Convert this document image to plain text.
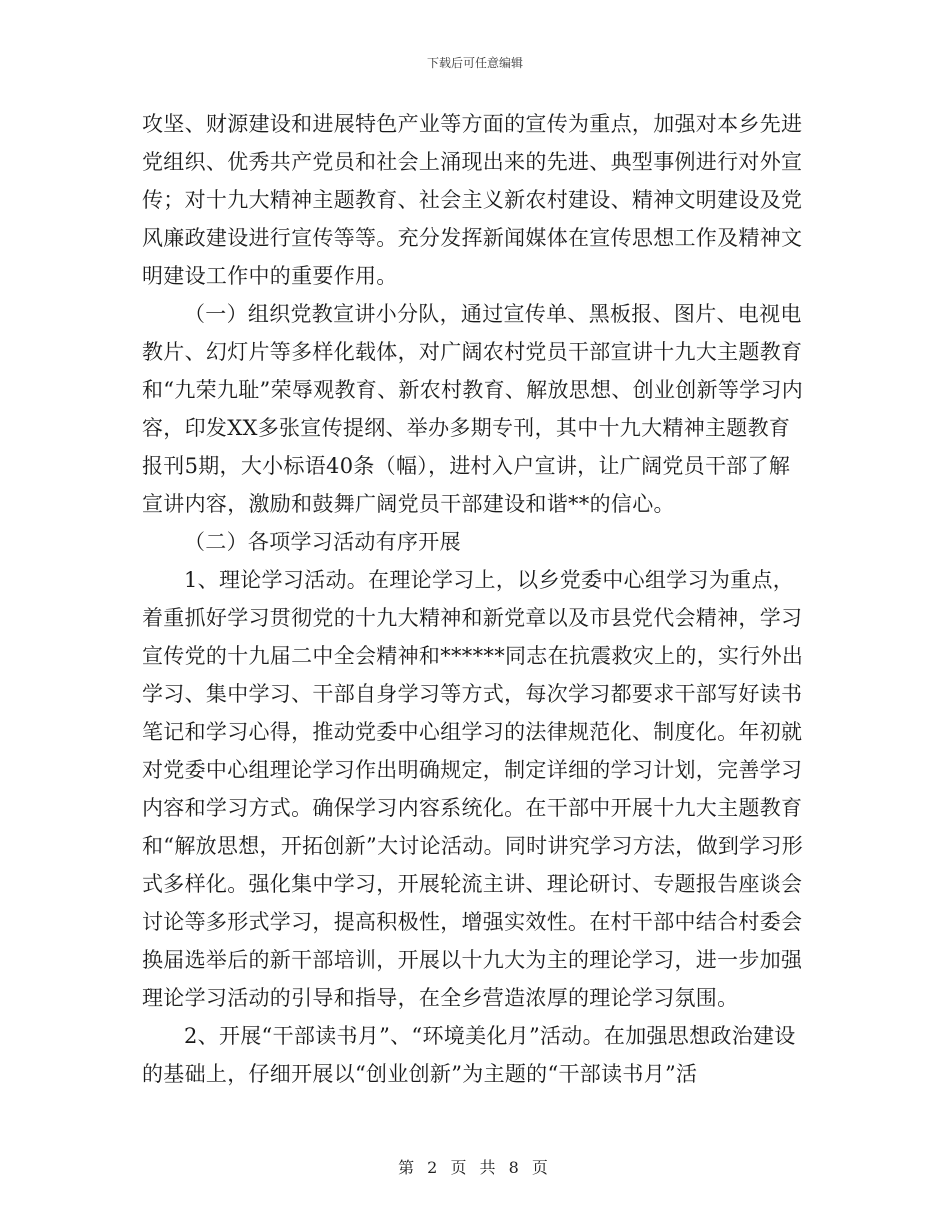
下载后可任意编辑

攻坚、财源建设和进展特色产业等方面的宣传为重点，加强对本乡先进党组织、优秀共产党员和社会上涌现出来的先进、典型事例进行对外宣传；对十九大精神主题教育、社会主义新农村建设、精神文明建设及党风廉政建设进行宣传等等。充分发挥新闻媒体在宣传思想工作及精神文明建设工作中的重要作用。

（一）组织党教宣讲小分队，通过宣传单、黑板报、图片、电视电教片、幻灯片等多样化载体，对广阔农村党员干部宣讲十九大主题教育和“九荣九耻”荣辱观教育、新农村教育、解放思想、创业创新等学习内容，印发XX多张宣传提纲、举办多期专刊，其中十九大精神主题教育报刊5期，大小标语40条（幅），进村入户宣讲，让广阔党员干部了解宣讲内容，激励和鼓舞广阔党员干部建设和谐**的信心。

（二）各项学习活动有序开展

1、理论学习活动。在理论学习上，以乡党委中心组学习为重点，着重抓好学习贯彻党的十九大精神和新党章以及市县党代会精神，学习宣传党的十九届二中全会精神和******同志在抗震救灾上的，实行外出学习、集中学习、干部自身学习等方式，每次学习都要求干部写好读书笔记和学习心得，推动党委中心组学习的法律规范化、制度化。年初就对党委中心组理论学习作出明确规定，制定详细的学习计划，完善学习内容和学习方式。确保学习内容系统化。在干部中开展十九大主题教育和“解放思想，开拓创新”大讨论活动。同时讲究学习方法，做到学习形式多样化。强化集中学习，开展轮流主讲、理论研讨、专题报告座谈会讨论等多形式学习，提高积极性，增强实效性。在村干部中结合村委会换届选举后的新干部培训，开展以十九大为主的理论学习，进一步加强理论学习活动的引导和指导，在全乡营造浓厚的理论学习氛围。

2、开展“干部读书月”、“环境美化月”活动。在加强思想政治建设的基础上，仔细开展以“创业创新”为主题的“干部读书月”活

第 2 页 共 8 页
